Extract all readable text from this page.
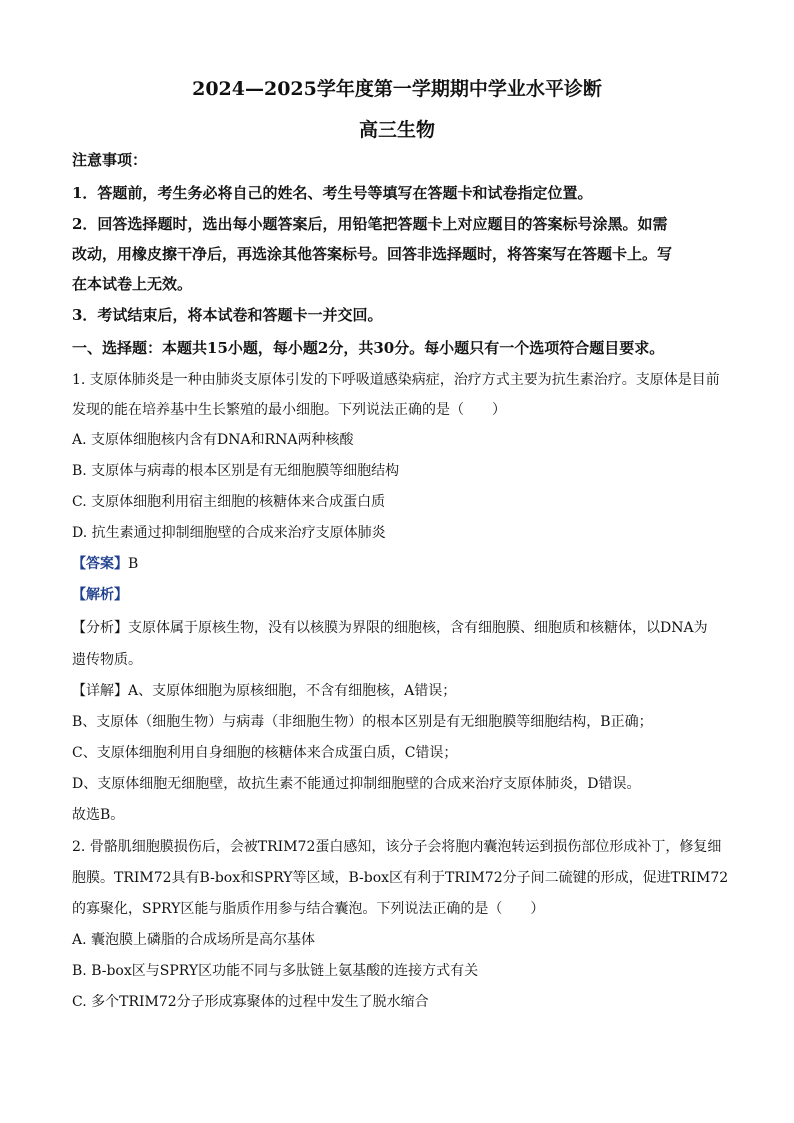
2024—2025学年度第一学期期中学业水平诊断
高三生物
注意事项：
1．答题前，考生务必将自己的姓名、考生号等填写在答题卡和试卷指定位置。
2．回答选择题时，选出每小题答案后，用铅笔把答题卡上对应题目的答案标号涂黑。如需
改动，用橡皮擦干净后，再选涂其他答案标号。回答非选择题时，将答案写在答题卡上。写
在本试卷上无效。
3．考试结束后，将本试卷和答题卡一并交回。
一、选择题：本题共15小题，每小题2分，共30分。每小题只有一个选项符合题目要求。
1. 支原体肺炎是一种由肺炎支原体引发的下呼吸道感染病症，治疗方式主要为抗生素治疗。支原体是目前
发现的能在培养基中生长繁殖的最小细胞。下列说法正确的是（　　）
A. 支原体细胞核内含有DNA和RNA两种核酸
B. 支原体与病毒的根本区别是有无细胞膜等细胞结构
C. 支原体细胞利用宿主细胞的核糖体来合成蛋白质
D. 抗生素通过抑制细胞壁的合成来治疗支原体肺炎
【答案】B
【解析】
【分析】支原体属于原核生物，没有以核膜为界限的细胞核，含有细胞膜、细胞质和核糖体，以DNA为
遗传物质。
【详解】A、支原体细胞为原核细胞，不含有细胞核，A错误；
B、支原体（细胞生物）与病毒（非细胞生物）的根本区别是有无细胞膜等细胞结构，B正确；
C、支原体细胞利用自身细胞的核糖体来合成蛋白质，C错误；
D、支原体细胞无细胞壁，故抗生素不能通过抑制细胞壁的合成来治疗支原体肺炎，D错误。
故选B。
2. 骨骼肌细胞膜损伤后，会被TRIM72蛋白感知，该分子会将胞内囊泡转运到损伤部位形成补丁，修复细
胞膜。TRIM72具有B-box和SPRY等区域，B-box区有利于TRIM72分子间二硫键的形成，促进TRIM72
的寡聚化，SPRY区能与脂质作用参与结合囊泡。下列说法正确的是（　　）
A. 囊泡膜上磷脂的合成场所是高尔基体
B. B-box区与SPRY区功能不同与多肽链上氨基酸的连接方式有关
C. 多个TRIM72分子形成寡聚体的过程中发生了脱水缩合
